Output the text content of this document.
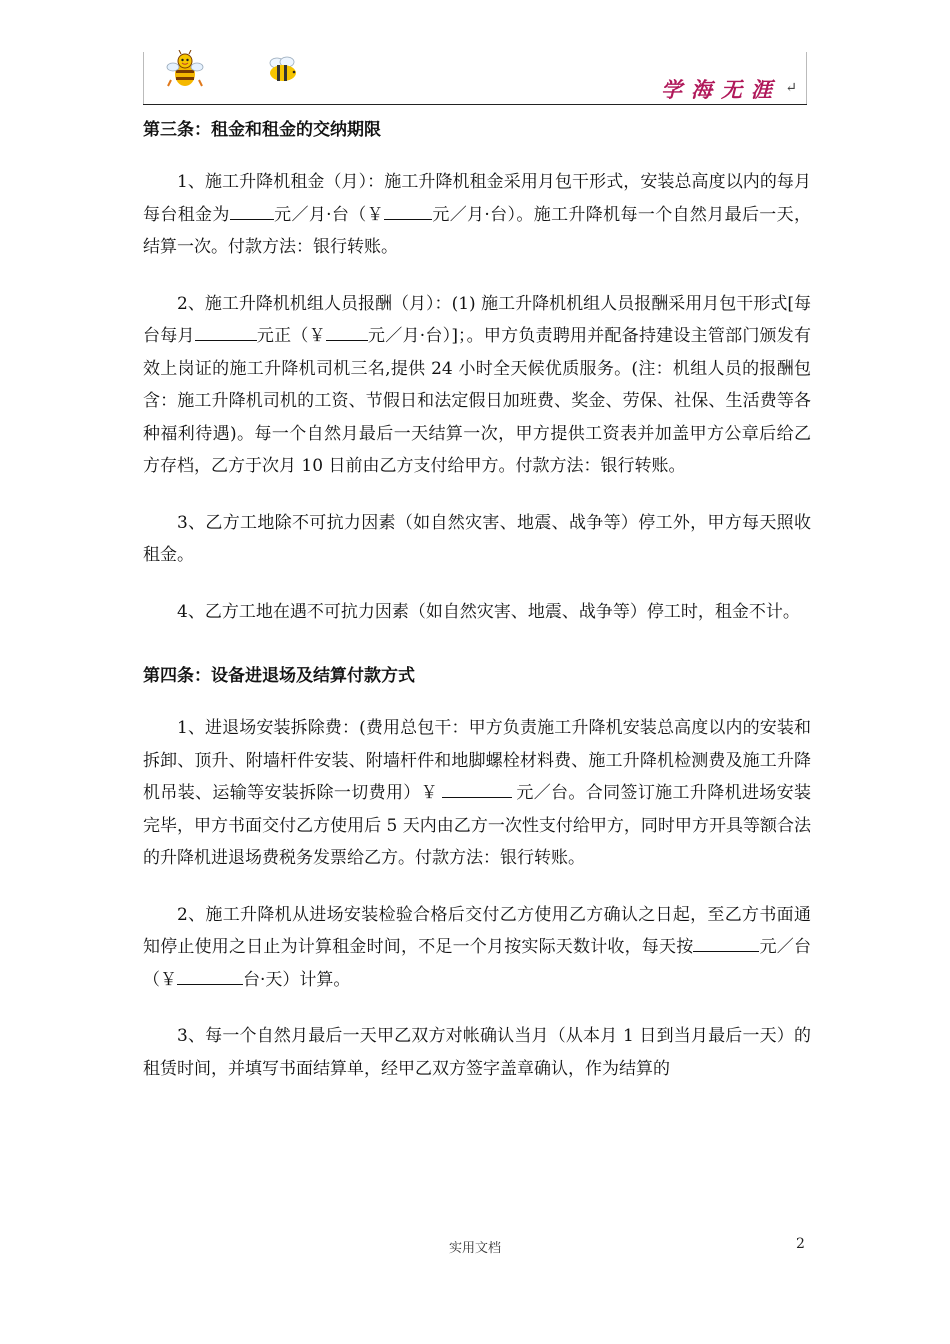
学海无涯 ↵
第三条：租金和租金的交纳期限

1、施工升降机租金（月）：施工升降机租金采用月包干形式，安装总高度以内的每月每台租金为	元／月·台（￥	元／月·台）。施工升降机每一个自然月最后一天，结算一次。付款方法：银行转账。

2、施工升降机机组人员报酬（月）：(1) 施工升降机机组人员报酬采用月包干形式[每台每月	元正（￥ 元／月·台）]；。甲方负责聘用并配备持建设主管部门颁发有效上岗证的施工升降机司机三名,提供 24 小时全天候优质服务。(注：机组人员的报酬包含：施工升降机司机的工资、节假日和法定假日加班费、奖金、劳保、社保、生活费等各种福利待遇)。每一个自然月最后一天结算一次，甲方提供工资表并加盖甲方公章后给乙方存档，乙方于次月 10 日前由乙方支付给甲方。付款方法：银行转账。

3、乙方工地除不可抗力因素（如自然灾害、地震、战争等）停工外，甲方每天照收租金。

4、乙方工地在遇不可抗力因素（如自然灾害、地震、战争等）停工时，租金不计。

第四条：设备进退场及结算付款方式

1、进退场安装拆除费：(费用总包干：甲方负责施工升降机安装总高度以内的安装和拆卸、顶升、附墙杆件安装、附墙杆件和地脚螺栓材料费、施工升降机检测费及施工升降机吊装、运输等安装拆除一切费用）￥	元／台。合同签订施工升降机进场安装完毕，甲方书面交付乙方使用后 5 天内由乙方一次性支付给甲方，同时甲方开具等额合法的升降机进退场费税务发票给乙方。付款方法：银行转账。

2、施工升降机从进场安装检验合格后交付乙方使用乙方确认之日起，至乙方书面通知停止使用之日止为计算租金时间，不足一个月按实际天数计收，每天按	元／台（￥	台·天）计算。

3、每一个自然月最后一天甲乙双方对帐确认当月（从本月 1 日到当月最后一天）的租赁时间，并填写书面结算单，经甲乙双方签字盖章确认，作为结算的

实用文档	2
